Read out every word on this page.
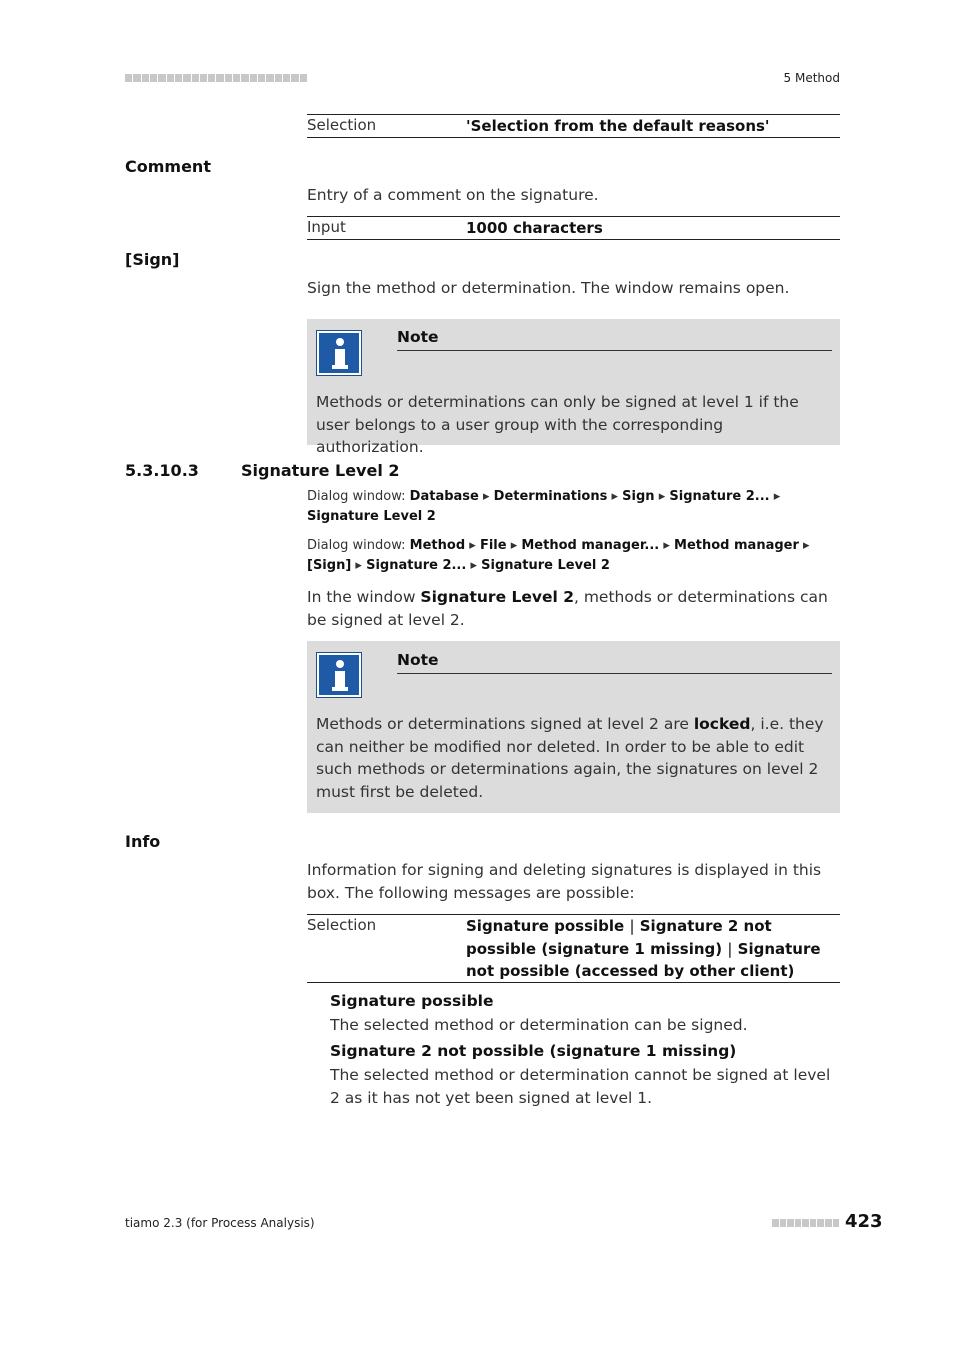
5 Method
Selection	'Selection from the default reasons'
Comment
Entry of a comment on the signature.
Input	1000 characters
[Sign]
Sign the method or determination. The window remains open.
Note
Methods or determinations can only be signed at level 1 if the user belongs to a user group with the corresponding authorization.
5.3.10.3	Signature Level 2
Dialog window: Database ▸ Determinations ▸ Sign ▸ Signature 2... ▸ Signature Level 2
Dialog window: Method ▸ File ▸ Method manager... ▸ Method manager ▸ [Sign] ▸ Signature 2... ▸ Signature Level 2
In the window Signature Level 2, methods or determinations can be signed at level 2.
Note
Methods or determinations signed at level 2 are locked, i.e. they can neither be modified nor deleted. In order to be able to edit such methods or determinations again, the signatures on level 2 must first be deleted.
Info
Information for signing and deleting signatures is displayed in this box. The following messages are possible:
Selection	Signature possible | Signature 2 not possible (signature 1 missing) | Signature not possible (accessed by other client)
Signature possible
The selected method or determination can be signed.
Signature 2 not possible (signature 1 missing)
The selected method or determination cannot be signed at level 2 as it has not yet been signed at level 1.
tiamo 2.3 (for Process Analysis)	423
